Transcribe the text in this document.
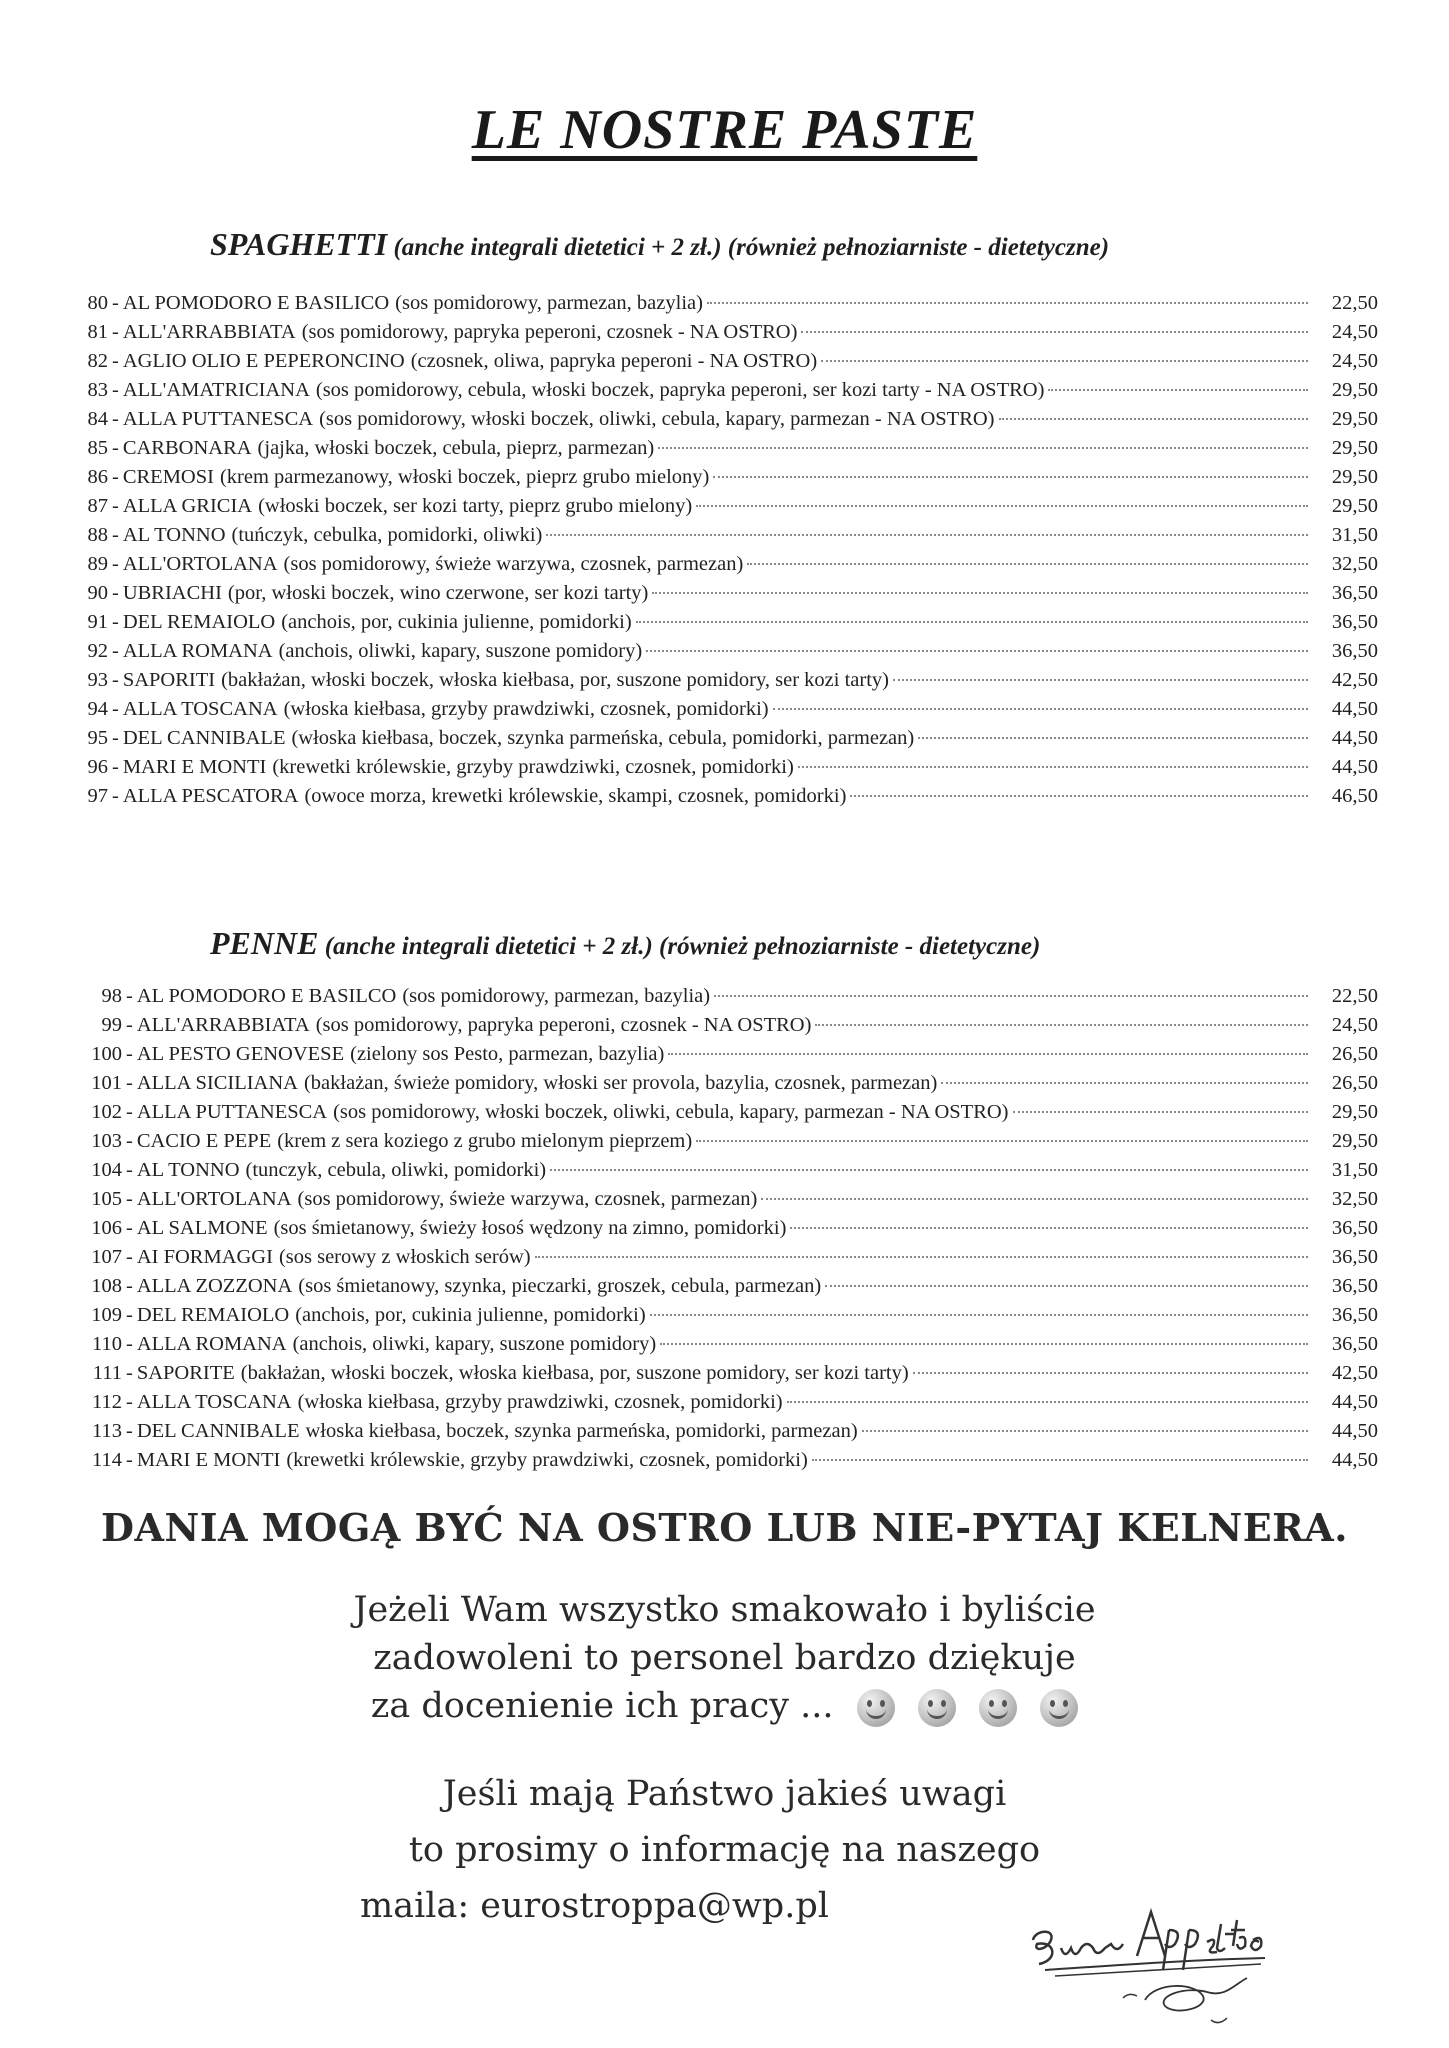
LE NOSTRE PASTE
SPAGHETTI (anche integrali dietetici + 2 zł.) (również pełnoziarniste - dietetyczne)
80 - AL POMODORO E BASILICO (sos pomidorowy, parmezan, bazylia)	22,50
81 - ALL'ARRABBIATA (sos pomidorowy, papryka peperoni, czosnek - NA OSTRO)	24,50
82 - AGLIO OLIO E PEPERONCINO (czosnek, oliwa, papryka peperoni - NA OSTRO)	24,50
83 - ALL'AMATRICIANA (sos pomidorowy, cebula, włoski boczek, papryka peperoni, ser kozi tarty - NA OSTRO)	29,50
84 - ALLA PUTTANESCA (sos pomidorowy, włoski boczek, oliwki, cebula, kapary, parmezan - NA OSTRO)	29,50
85 - CARBONARA (jajka, włoski boczek, cebula, pieprz, parmezan)	29,50
86 - CREMOSI (krem parmezanowy, włoski boczek, pieprz grubo mielony)	29,50
87 - ALLA GRICIA (włoski boczek, ser kozi tarty, pieprz grubo mielony)	29,50
88 - AL TONNO (tuńczyk, cebulka, pomidorki, oliwki)	31,50
89 - ALL'ORTOLANA (sos pomidorowy, świeże warzywa, czosnek, parmezan)	32,50
90 - UBRIACHI (por, włoski boczek, wino czerwone, ser kozi tarty)	36,50
91 - DEL REMAIOLO (anchois, por, cukinia julienne, pomidorki)	36,50
92 - ALLA ROMANA (anchois, oliwki, kapary, suszone pomidory)	36,50
93 - SAPORITI (bakłażan, włoski boczek, włoska kiełbasa, por, suszone pomidory, ser kozi tarty)	42,50
94 - ALLA TOSCANA (włoska kiełbasa, grzyby prawdziwki, czosnek, pomidorki)	44,50
95 - DEL CANNIBALE (włoska kiełbasa, boczek, szynka parmeńska, cebula, pomidorki, parmezan)	44,50
96 - MARI E MONTI (krewetki królewskie, grzyby prawdziwki, czosnek, pomidorki)	44,50
97 - ALLA PESCATORA (owoce morza, krewetki królewskie, skampi, czosnek, pomidorki)	46,50
PENNE (anche integrali dietetici + 2 zł.) (również pełnoziarniste - dietetyczne)
98 - AL POMODORO E BASILCO (sos pomidorowy, parmezan, bazylia)	22,50
99 - ALL'ARRABBIATA (sos pomidorowy, papryka peperoni, czosnek - NA OSTRO)	24,50
100 - AL PESTO GENOVESE (zielony sos Pesto, parmezan, bazylia)	26,50
101 - ALLA SICILIANA (bakłażan, świeże pomidory, włoski ser provola, bazylia, czosnek, parmezan)	26,50
102 - ALLA PUTTANESCA (sos pomidorowy, włoski boczek, oliwki, cebula, kapary, parmezan - NA OSTRO)	29,50
103 - CACIO E PEPE (krem z sera koziego z grubo mielonym pieprzem)	29,50
104 - AL TONNO (tunczyk, cebula, oliwki, pomidorki)	31,50
105 - ALL'ORTOLANA (sos pomidorowy, świeże warzywa, czosnek, parmezan)	32,50
106 - AL SALMONE (sos śmietanowy, świeży łosoś wędzony na zimno, pomidorki)	36,50
107 - AI FORMAGGI (sos serowy z włoskich serów)	36,50
108 - ALLA ZOZZONA (sos śmietanowy, szynka, pieczarki, groszek, cebula, parmezan)	36,50
109 - DEL REMAIOLO (anchois, por, cukinia julienne, pomidorki)	36,50
110 - ALLA ROMANA (anchois, oliwki, kapary, suszone pomidory)	36,50
111 - SAPORITE (bakłażan, włoski boczek, włoska kiełbasa, por, suszone pomidory, ser kozi tarty)	42,50
112 - ALLA TOSCANA (włoska kiełbasa, grzyby prawdziwki, czosnek, pomidorki)	44,50
113 - DEL CANNIBALE włoska kiełbasa, boczek, szynka parmeńska, pomidorki, parmezan)	44,50
114 - MARI E MONTI (krewetki królewskie, grzyby prawdziwki, czosnek, pomidorki)	44,50
DANIA MOGĄ BYĆ NA OSTRO LUB NIE-PYTAJ KELNERA.
Jeżeli Wam wszystko smakowało i byliście
zadowoleni to personel bardzo dziękuje
za docenienie ich pracy ...
Jeśli mają Państwo jakieś uwagi
to prosimy o informację na naszego
maila: eurostroppa@wp.pl
